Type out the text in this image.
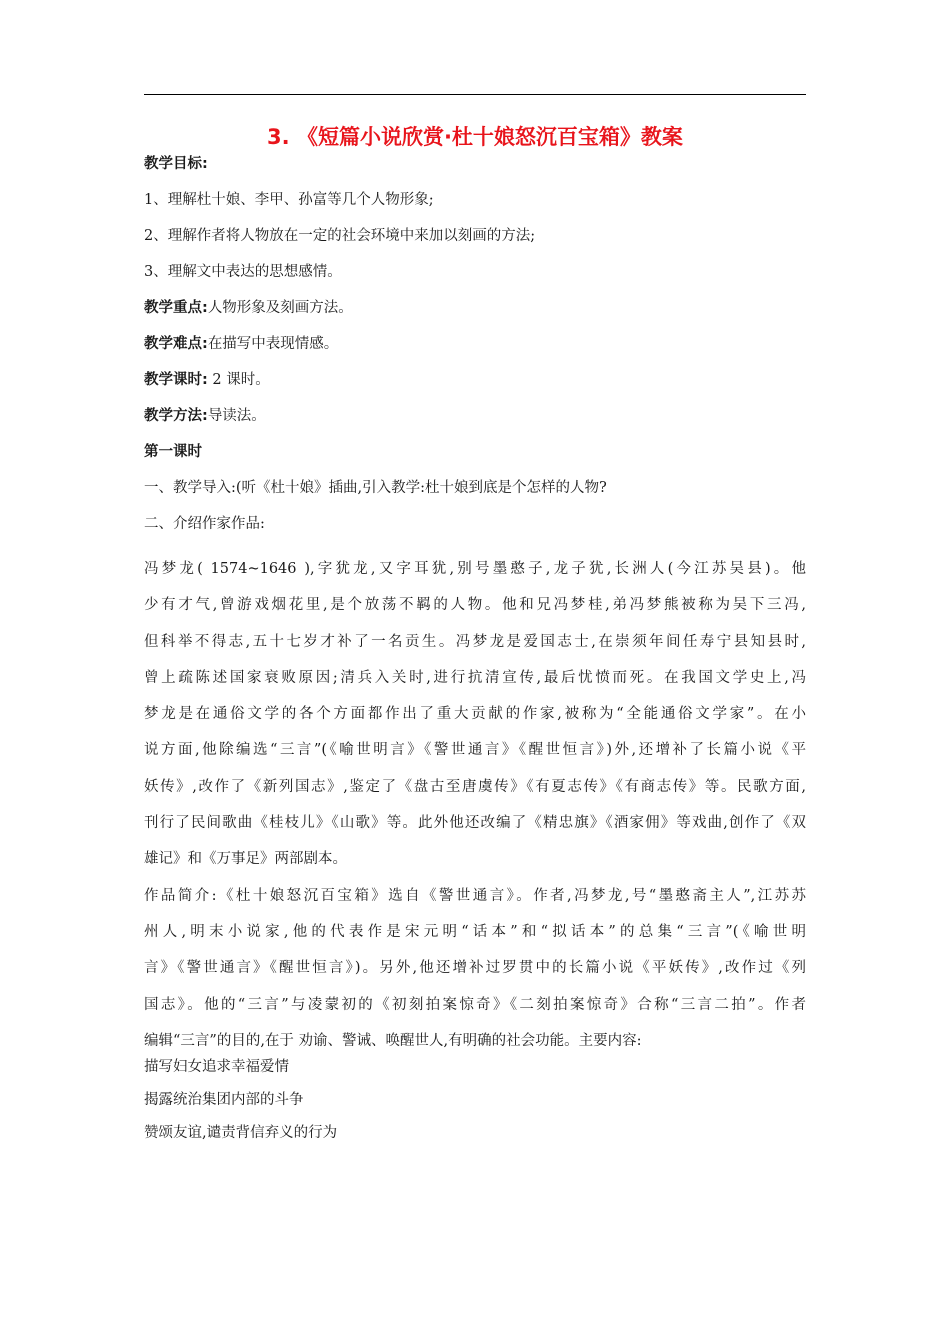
3. 《短篇小说欣赏·杜十娘怒沉百宝箱》教案
教学目标:
1、理解杜十娘、李甲、孙富等几个人物形象;
2、理解作者将人物放在一定的社会环境中来加以刻画的方法;
3、理解文中表达的思想感情。
教学重点:人物形象及刻画方法。
教学难点:在描写中表现情感。
教学课时: 2 课时。
教学方法:导读法。
第一课时
一、教学导入:(听《杜十娘》插曲,引入教学:杜十娘到底是个怎样的人物?
二、介绍作家作品:
冯梦龙( 1574~1646 ),字犹龙,又字耳犹,别号墨憨子,龙子犹,长洲人(今江苏吴县)。他
少有才气,曾游戏烟花里,是个放荡不羁的人物。他和兄冯梦桂,弟冯梦熊被称为吴下三冯,
但科举不得志,五十七岁才补了一名贡生。冯梦龙是爱国志士,在崇须年间任寿宁县知县时,
曾上疏陈述国家衰败原因;清兵入关时,进行抗清宣传,最后忧愤而死。在我国文学史上,冯
梦龙是在通俗文学的各个方面都作出了重大贡献的作家,被称为“全能通俗文学家”。在小
说方面,他除编选“三言”(《喻世明言》《警世通言》《醒世恒言》)外,还增补了长篇小说《平
妖传》,改作了《新列国志》,鉴定了《盘古至唐虞传》《有夏志传》《有商志传》等。民歌方面,
刊行了民间歌曲《桂枝儿》《山歌》等。此外他还改编了《精忠旗》《酒家佣》等戏曲,创作了《双
雄记》和《万事足》两部剧本。
作品简介:《杜十娘怒沉百宝箱》选自《警世通言》。作者,冯梦龙,号“墨憨斋主人”,江苏苏
州人,明末小说家,他的代表作是宋元明“话本”和“拟话本”的总集“三言”(《喻世明
言》《警世通言》《醒世恒言》)。另外,他还增补过罗贯中的长篇小说《平妖传》,改作过《列
国志》。他的“三言”与凌蒙初的《初刻拍案惊奇》《二刻拍案惊奇》合称“三言二拍”。作者
编辑“三言”的目的,在于 劝谕、警诫、唤醒世人,有明确的社会功能。主要内容:
描写妇女追求幸福爱情
揭露统治集团内部的斗争
赞颂友谊,谴责背信弃义的行为
